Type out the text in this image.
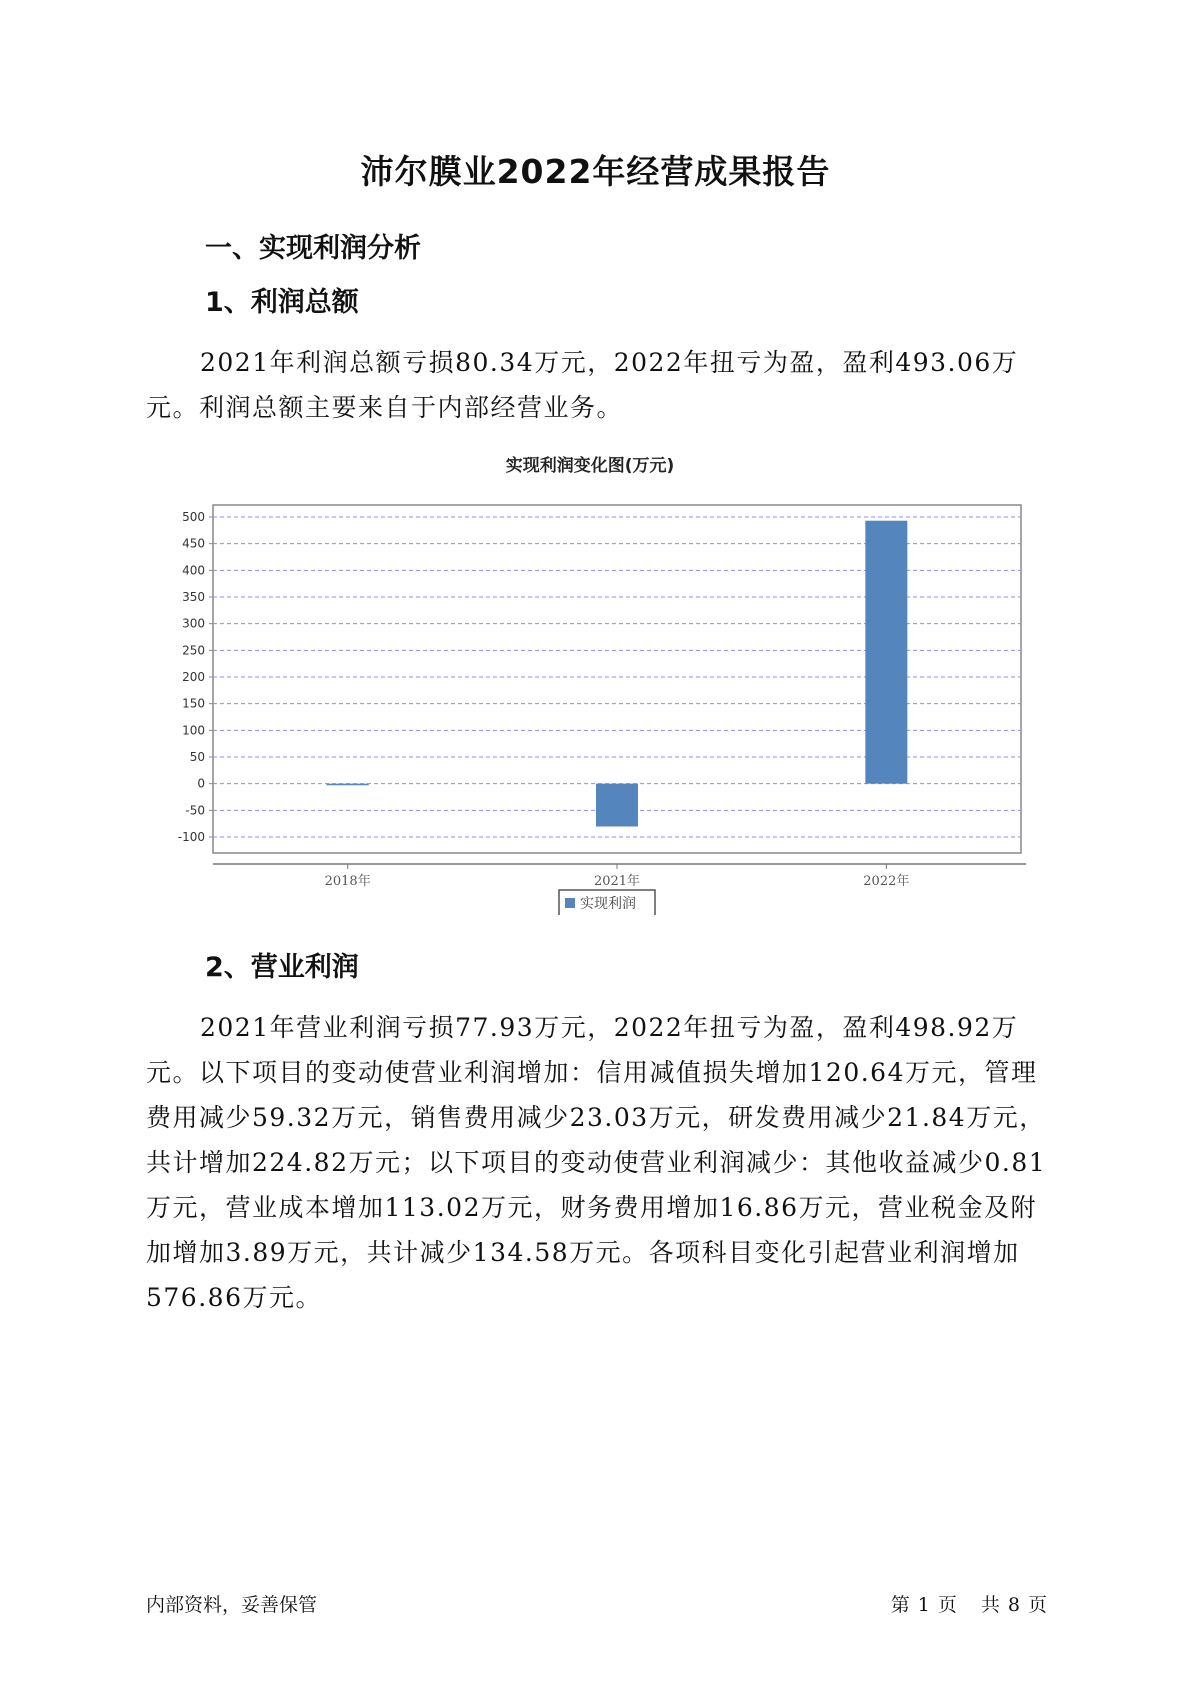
沛尔膜业2022年经营成果报告
一、实现利润分析
1、利润总额

2021年利润总额亏损80.34万元，2022年扭亏为盈，盈利493.06万元。利润总额主要来自于内部经营业务。

实现利润变化图(万元)
500
450
400
350
300
250
200
150
100
50
0
-50
-100
2018年	2021年	2022年
实现利润
2、营业利润

2021年营业利润亏损77.93万元，2022年扭亏为盈，盈利498.92万元。以下项目的变动使营业利润增加：信用减值损失增加120.64万元，管理费用减少59.32万元，销售费用减少23.03万元，研发费用减少21.84万元，共计增加224.82万元；以下项目的变动使营业利润减少：其他收益减少0.81万元，营业成本增加113.02万元，财务费用增加16.86万元，营业税金及附加增加3.89万元，共计减少134.58万元。各项科目变化引起营业利润增加576.86万元。

内部资料，妥善保管	第 1 页 共 8 页
